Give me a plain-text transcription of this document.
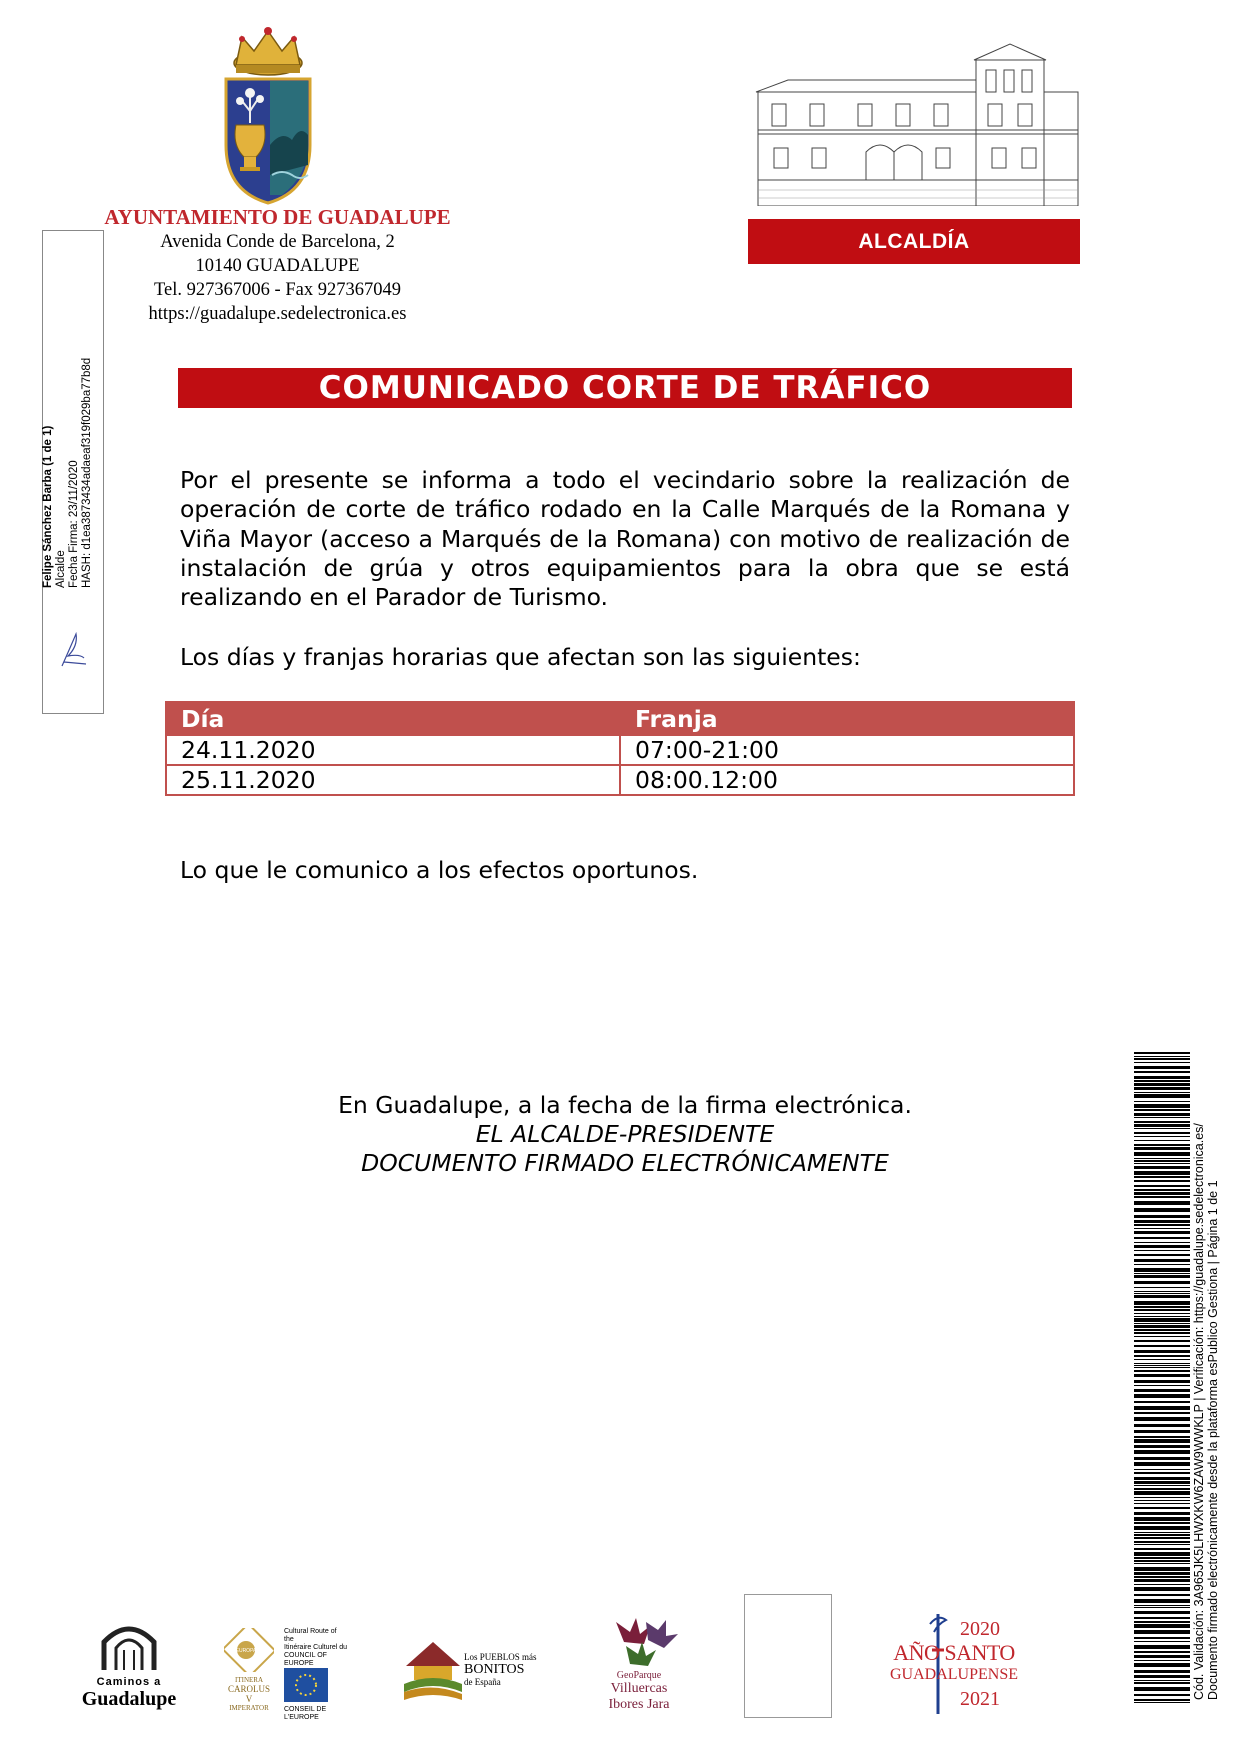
AYUNTAMIENTO DE GUADALUPE
Avenida Conde de Barcelona, 2
10140 GUADALUPE
Tel. 927367006 - Fax 927367049
https://guadalupe.sedelectronica.es
ALCALDÍA
Felipe Sánchez Barba (1 de 1) Alcalde Fecha Firma: 23/11/2020 HASH: d1ea3873434adaeaf319f029ba77b8d	COMUNICADO CORTE DE TRÁFICO
Por el presente se informa a todo el vecindario sobre la realización de operación de corte de tráfico rodado en la Calle Marqués de la Romana y Viña Mayor (acceso a Marqués de la Romana) con motivo de realización de instalación de grúa y otros equipamientos para la obra que se está realizando en el Parador de Turismo.
Los días y franjas horarias que afectan son las siguientes:
Día	Franja
24.11.2020	07:00-21:00
25.11.2020	08:00.12:00
Lo que le comunico a los efectos oportunos.
En Guadalupe, a la fecha de la firma electrónica.
EL ALCALDE-PRESIDENTE
DOCUMENTO FIRMADO ELECTRÓNICAMENTE	Cód. Validación: 3A965JK5LHWXKW6ZAW9WWKLP | Verificación: https://guadalupe.sedelectronica.es/ Documento firmado electrónicamente desde la plataforma esPublico Gestiona | Página 1 de 1
Caminos a
Guadalupe
EUROPA
ITINERA
CAROLUS V
IMPERATOR
Cultural Route of the
Itinéraire Culturel du
COUNCIL OF EUROPE
CONSEIL DE L'EUROPE
Los PUEBLOS más
BONITOS
de España
GeoParque
Villuercas
Ibores Jara
2020
AÑO SANTO
GUADALUPENSE
2021
